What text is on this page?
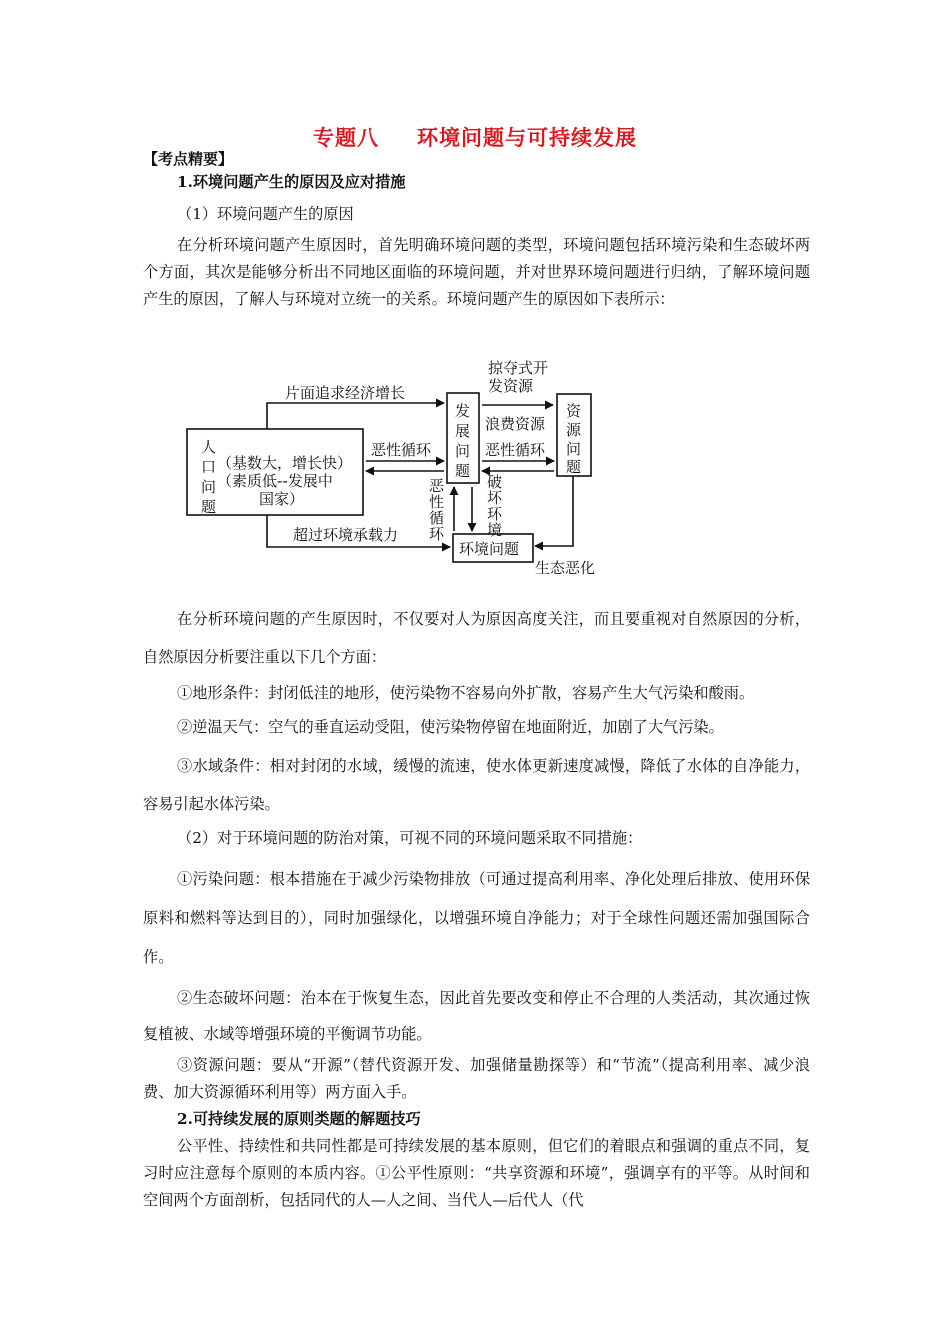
专题八 环境问题与可持续发展
【考点精要】
1.环境问题产生的原因及应对措施
（1）环境问题产生的原因
在分析环境问题产生原因时，首先明确环境问题的类型，环境问题包括环境污染和生态破坏两个方面，其次是能够分析出不同地区面临的环境问题，并对世界环境问题进行归纳，了解环境问题产生的原因，了解人与环境对立统一的关系。环境问题产生的原因如下表所示：
人
口
问
题
（基数大，增长快）
（素质低--发展中
国家）
发
展
问
题
资
源
问
题
环境问题
片面追求经济增长
恶性循环	恶性循环
掠夺式开
发资源
浪费资源
恶
性
循
环
破
坏
环
境
超过环境承载力
生态恶化
在分析环境问题的产生原因时，不仅要对人为原因高度关注，而且要重视对自然原因的分析，自然原因分析要注重以下几个方面：
①地形条件：封闭低洼的地形，使污染物不容易向外扩散，容易产生大气污染和酸雨。
②逆温天气：空气的垂直运动受阻，使污染物停留在地面附近，加剧了大气污染。
③水域条件：相对封闭的水域，缓慢的流速，使水体更新速度减慢，降低了水体的自净能力，容易引起水体污染。
（2）对于环境问题的防治对策，可视不同的环境问题采取不同措施：
①污染问题：根本措施在于减少污染物排放（可通过提高利用率、净化处理后排放、使用环保原料和燃料等达到目的），同时加强绿化，以增强环境自净能力；对于全球性问题还需加强国际合作。
②生态破坏问题：治本在于恢复生态，因此首先要改变和停止不合理的人类活动，其次通过恢复植被、水域等增强环境的平衡调节功能。
③资源问题：要从“开源”（替代资源开发、加强储量勘探等）和“节流”（提高利用率、减少浪费、加大资源循环利用等）两方面入手。
2.可持续发展的原则类题的解题技巧
公平性、持续性和共同性都是可持续发展的基本原则，但它们的着眼点和强调的重点不同，复习时应注意每个原则的本质内容。①公平性原则：“共享资源和环境”，强调享有的平等。从时间和空间两个方面剖析，包括同代的人—人之间、当代人—后代人（代
